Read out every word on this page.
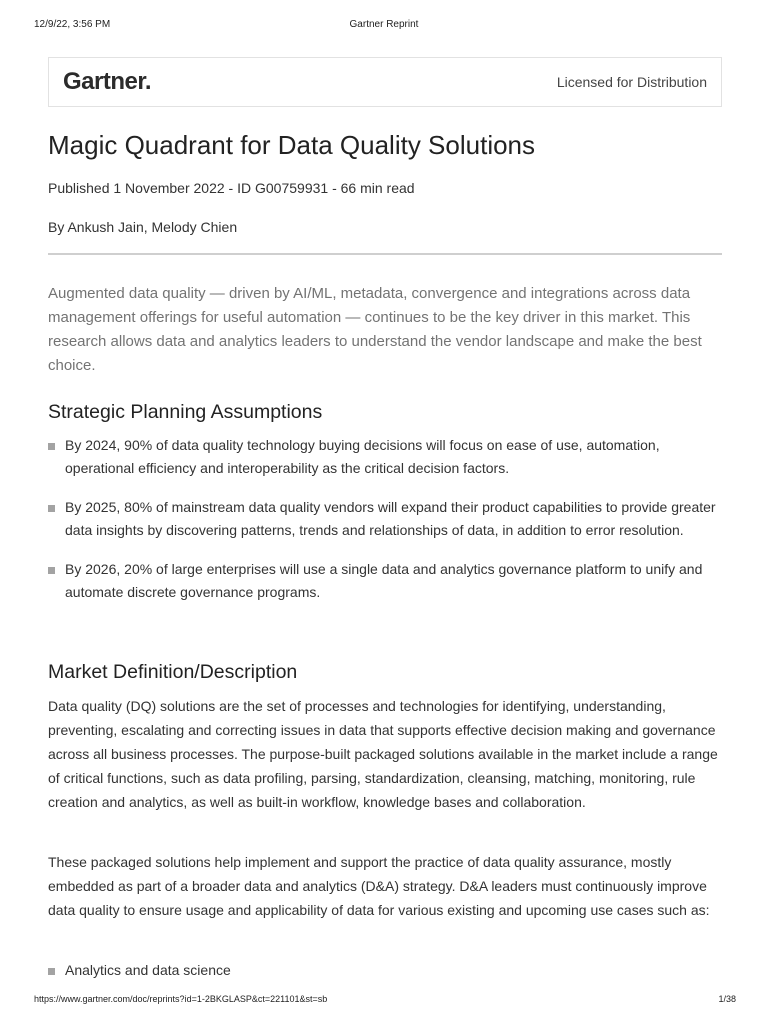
12/9/22, 3:56 PM	Gartner Reprint
Gartner.	Licensed for Distribution
Magic Quadrant for Data Quality Solutions
Published 1 November 2022 - ID G00759931 - 66 min read
By Ankush Jain, Melody Chien

Augmented data quality — driven by AI/ML, metadata, convergence and integrations across data management offerings for useful automation — continues to be the key driver in this market. This research allows data and analytics leaders to understand the vendor landscape and make the best choice.

Strategic Planning Assumptions
By 2024, 90% of data quality technology buying decisions will focus on ease of use, automation, operational efficiency and interoperability as the critical decision factors.
By 2025, 80% of mainstream data quality vendors will expand their product capabilities to provide greater data insights by discovering patterns, trends and relationships of data, in addition to error resolution.
By 2026, 20% of large enterprises will use a single data and analytics governance platform to unify and automate discrete governance programs.
Market Definition/Description

Data quality (DQ) solutions are the set of processes and technologies for identifying, understanding, preventing, escalating and correcting issues in data that supports effective decision making and governance across all business processes. The purpose-built packaged solutions available in the market include a range of critical functions, such as data profiling, parsing, standardization, cleansing, matching, monitoring, rule creation and analytics, as well as built-in workflow, knowledge bases and collaboration.

These packaged solutions help implement and support the practice of data quality assurance, mostly embedded as part of a broader data and analytics (D&A) strategy. D&A leaders must continuously improve data quality to ensure usage and applicability of data for various existing and upcoming use cases such as:

Analytics and data science
https://www.gartner.com/doc/reprints?id=1-2BKGLASP&ct=221101&st=sb	1/38
